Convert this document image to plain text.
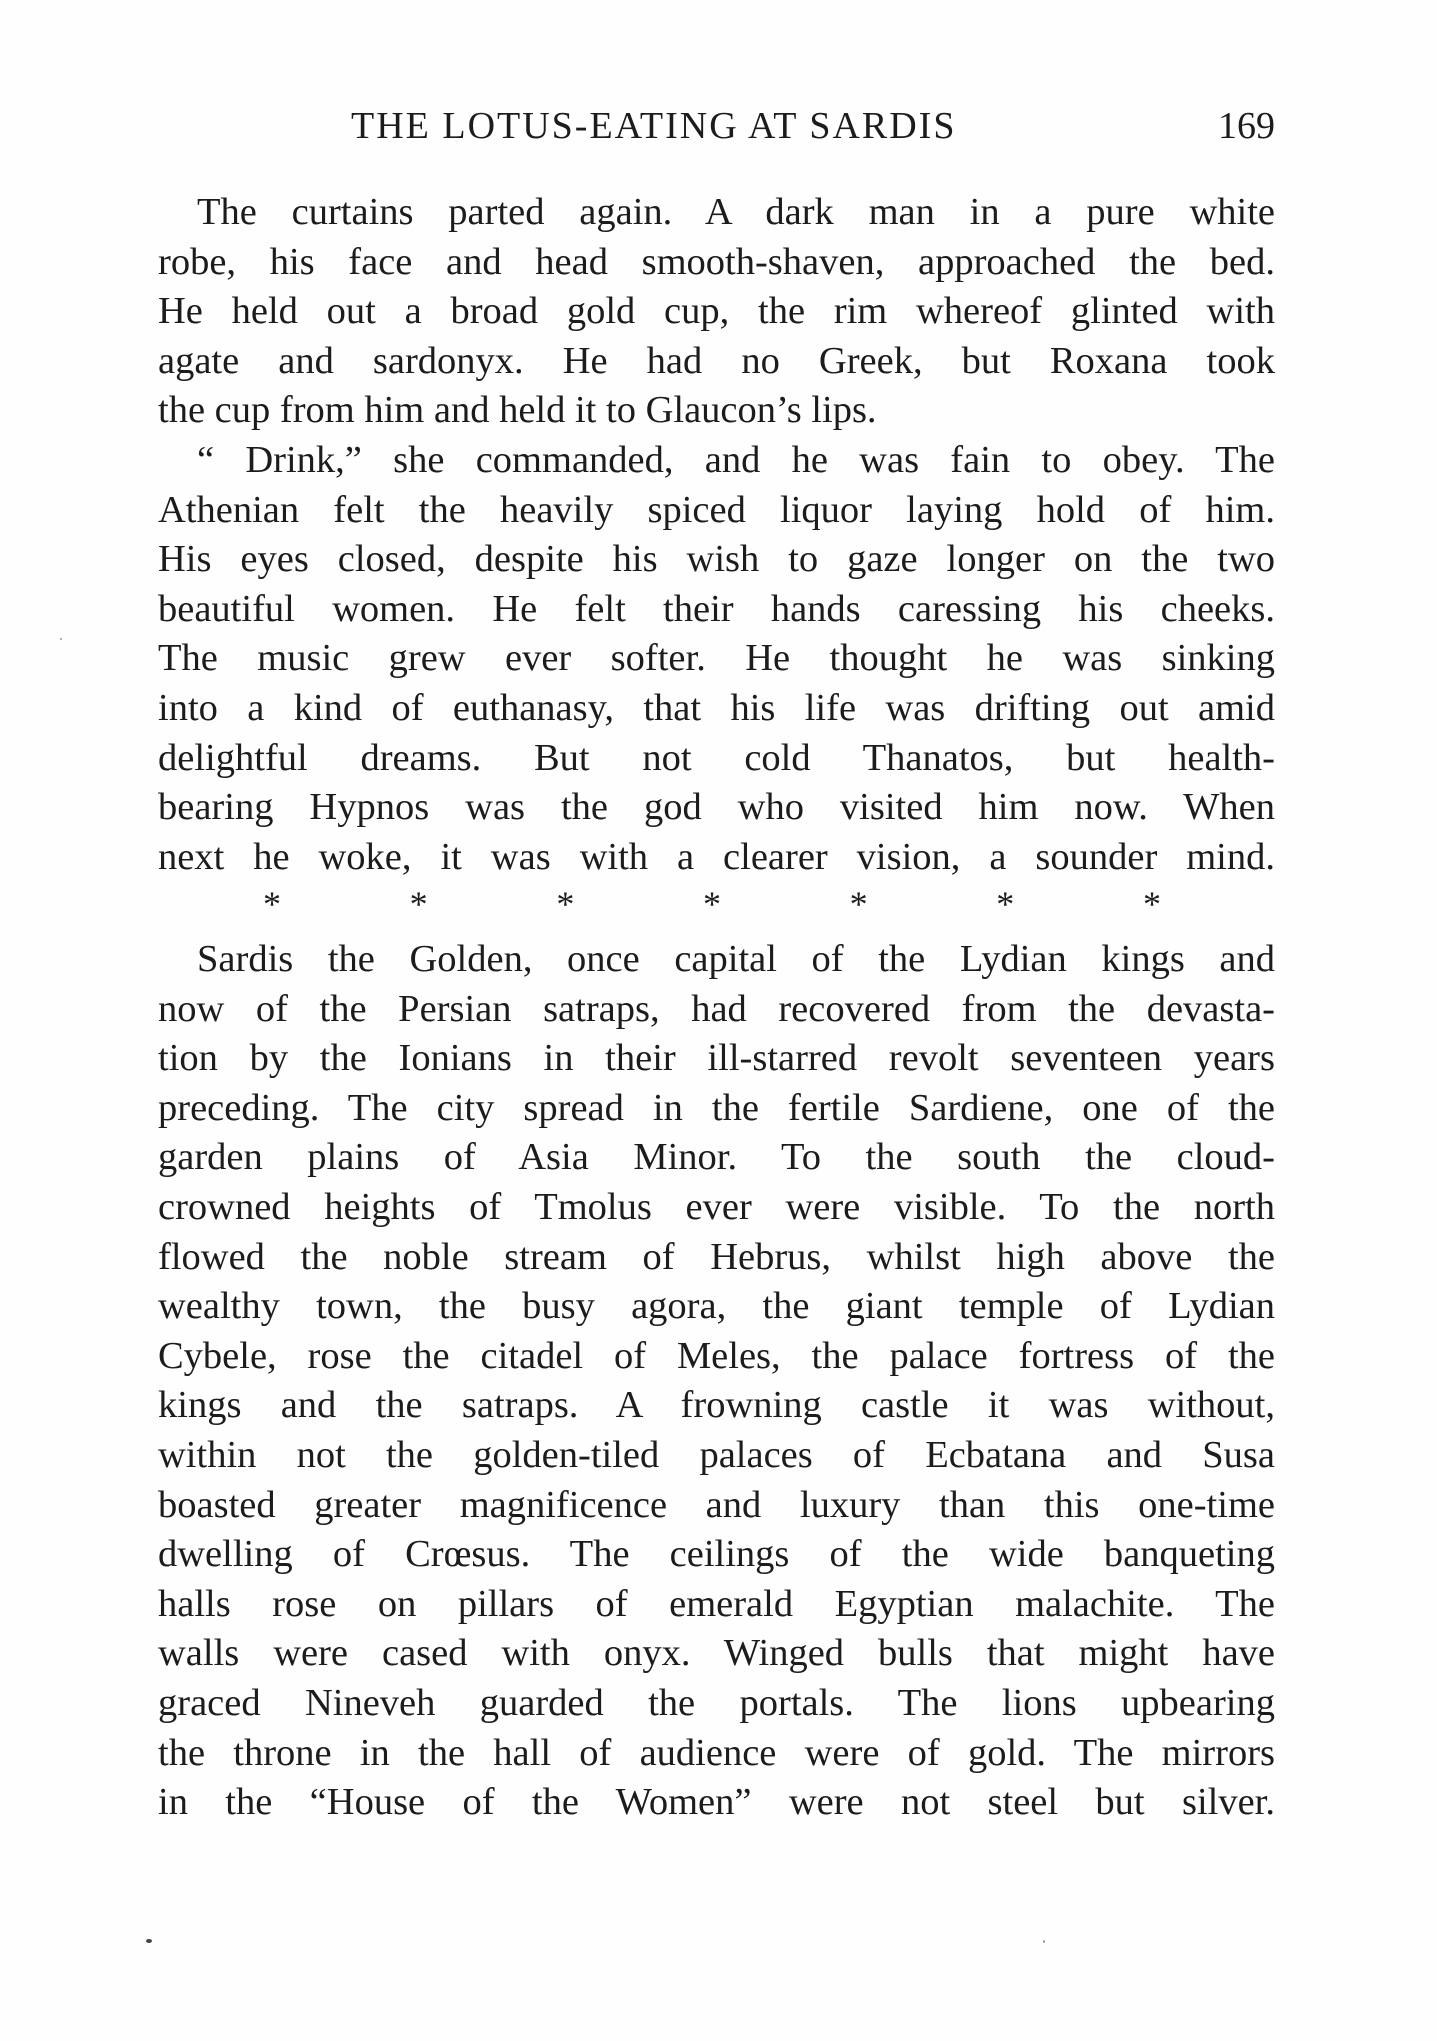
THE LOTUS-EATING AT SARDIS	169
The curtains parted again. A dark man in a pure white
robe, his face and head smooth-shaven, approached the bed.
He held out a broad gold cup, the rim whereof glinted with
agate and sardonyx. He had no Greek, but Roxana took
the cup from him and held it to Glaucon’s lips.
“ Drink,” she commanded, and he was fain to obey. The
Athenian felt the heavily spiced liquor laying hold of him.
His eyes closed, despite his wish to gaze longer on the two
beautiful women. He felt their hands caressing his cheeks.
The music grew ever softer. He thought he was sinking
into a kind of euthanasy, that his life was drifting out amid
delightful dreams. But not cold Thanatos, but health-
bearing Hypnos was the god who visited him now. When
next he woke, it was with a clearer vision, a sounder mind.
*	*	*	*	*	*	*
Sardis the Golden, once capital of the Lydian kings and
now of the Persian satraps, had recovered from the devasta-
tion by the Ionians in their ill-starred revolt seventeen years
preceding. The city spread in the fertile Sardiene, one of the
garden plains of Asia Minor. To the south the cloud-
crowned heights of Tmolus ever were visible. To the north
flowed the noble stream of Hebrus, whilst high above the
wealthy town, the busy agora, the giant temple of Lydian
Cybele, rose the citadel of Meles, the palace fortress of the
kings and the satraps. A frowning castle it was without,
within not the golden-tiled palaces of Ecbatana and Susa
boasted greater magnificence and luxury than this one-time
dwelling of Crœsus. The ceilings of the wide banqueting
halls rose on pillars of emerald Egyptian malachite. The
walls were cased with onyx. Winged bulls that might have
graced Nineveh guarded the portals. The lions upbearing
the throne in the hall of audience were of gold. The mirrors
in the “House of the Women” were not steel but silver.
